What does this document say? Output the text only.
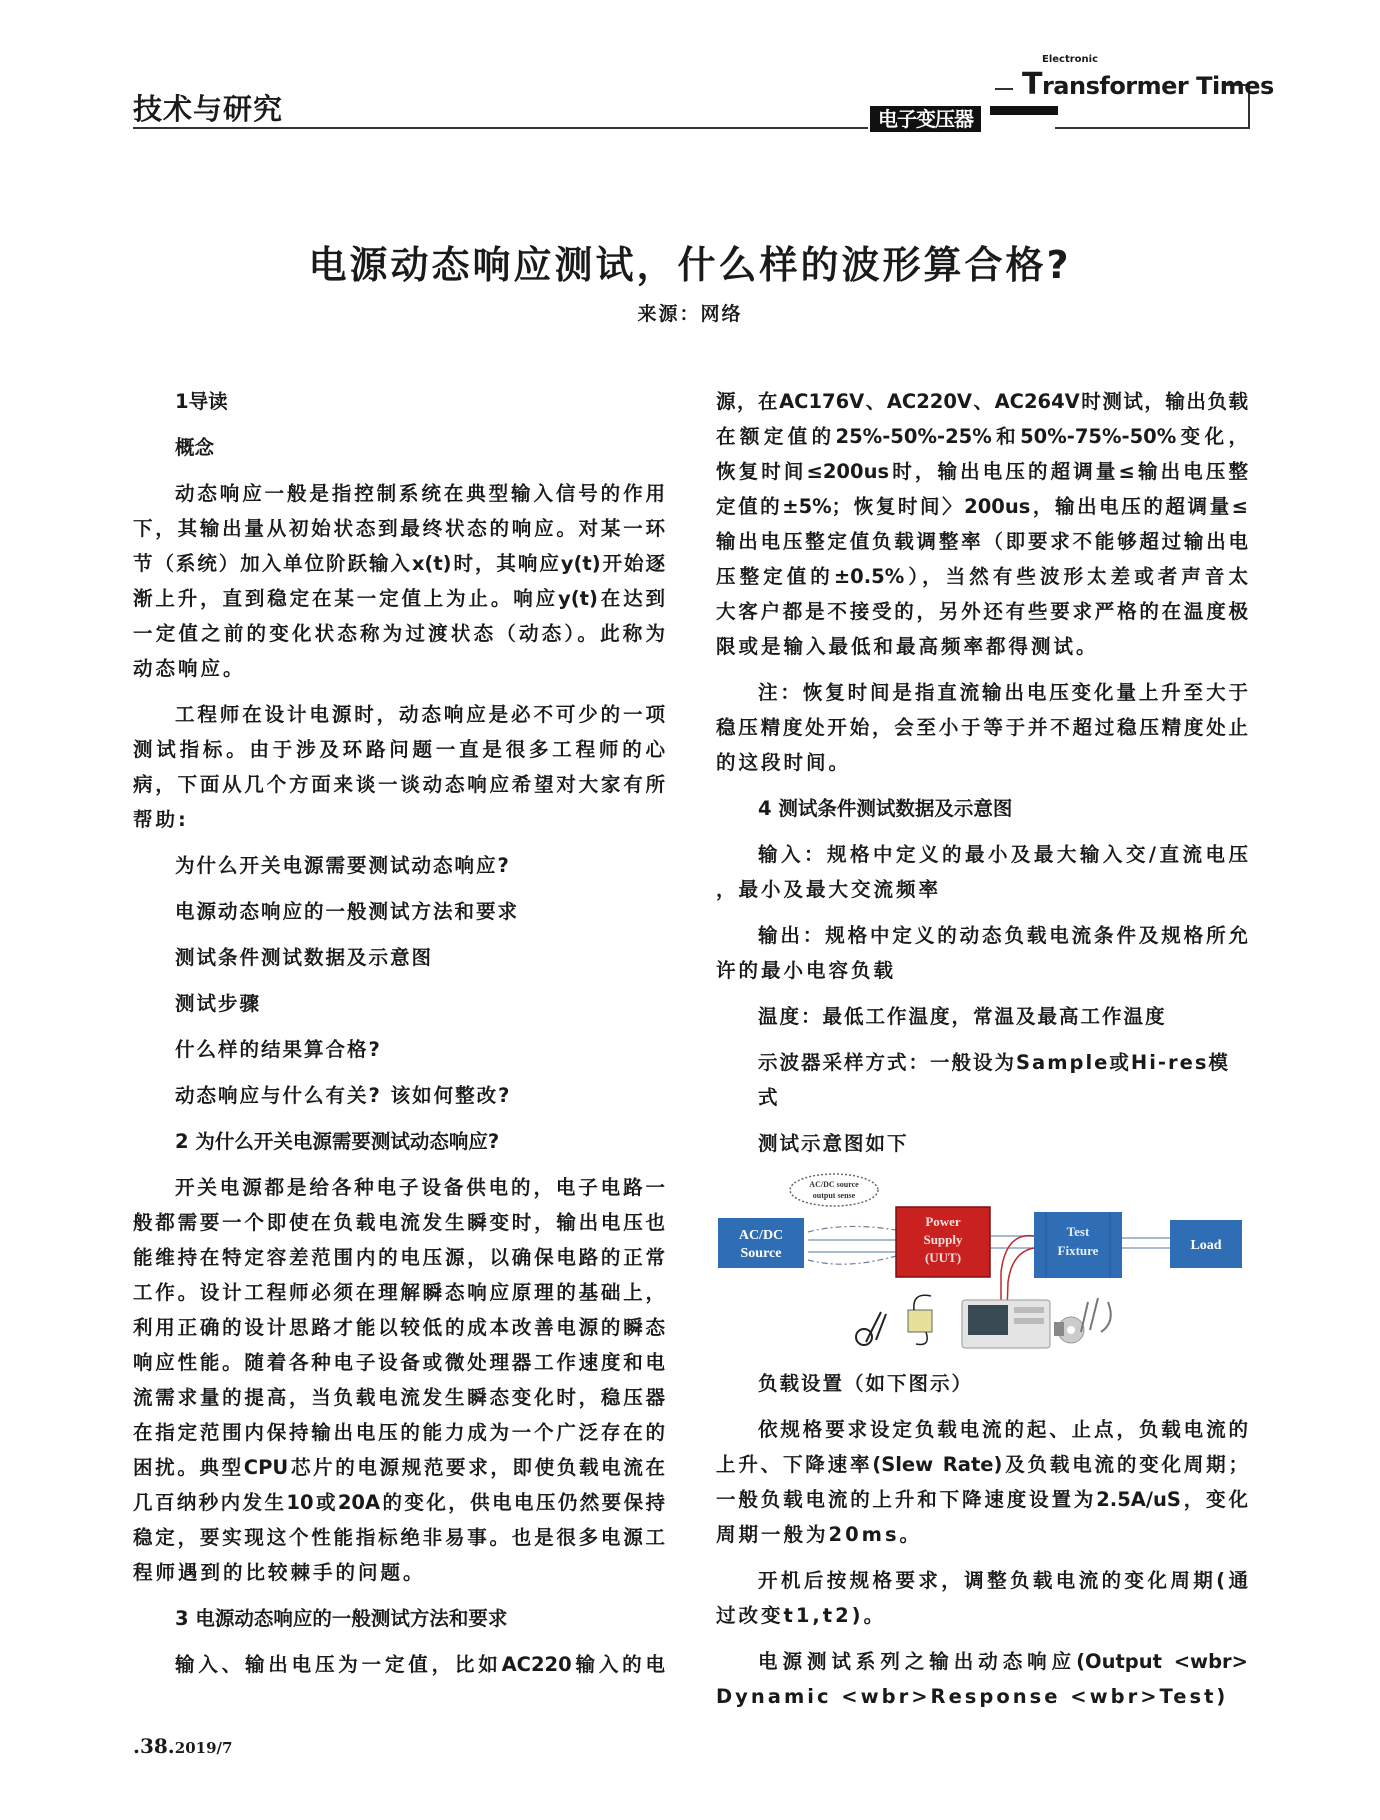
技术与研究	电子变压器
Electronic
Transformer Times
电源动态响应测试，什么样的波形算合格?
来源：网络
1导读
概念
动态响应一般是指控制系统在典型输入信号的作用
下，其输出量从初始状态到最终状态的响应。对某一环
节（系统）加入单位阶跃输入x(t)时，其响应y(t)开始逐
渐上升，直到稳定在某一定值上为止。响应y(t)在达到
一定值之前的变化状态称为过渡状态（动态）。此称为
动态响应。
工程师在设计电源时，动态响应是必不可少的一项
测试指标。由于涉及环路问题一直是很多工程师的心
病，下面从几个方面来谈一谈动态响应希望对大家有所
帮助:
为什么开关电源需要测试动态响应?
电源动态响应的一般测试方法和要求
测试条件测试数据及示意图
测试步骤
什么样的结果算合格?
动态响应与什么有关? 该如何整改?
2 为什么开关电源需要测试动态响应?
开关电源都是给各种电子设备供电的，电子电路一
般都需要一个即使在负载电流发生瞬变时，输出电压也
能维持在特定容差范围内的电压源，以确保电路的正常
工作。设计工程师必须在理解瞬态响应原理的基础上，
利用正确的设计思路才能以较低的成本改善电源的瞬态
响应性能。随着各种电子设备或微处理器工作速度和电
流需求量的提高，当负载电流发生瞬态变化时，稳压器
在指定范围内保持输出电压的能力成为一个广泛存在的
困扰。典型CPU芯片的电源规范要求，即使负载电流在
几百纳秒内发生10或20A的变化，供电电压仍然要保持
稳定，要实现这个性能指标绝非易事。也是很多电源工
程师遇到的比较棘手的问题。
3 电源动态响应的一般测试方法和要求
输入、输出电压为一定值，比如AC220输入的电
源，在AC176V、AC220V、AC264V时测试，输出负载
在额定值的25%-50%-25%和50%-75%-50%变化，
恢复时间≤200us时，输出电压的超调量≤输出电压整
定值的±5%；恢复时间〉200us，输出电压的超调量≤
输出电压整定值负载调整率（即要求不能够超过输出电
压整定值的±0.5%），当然有些波形太差或者声音太
大客户都是不接受的，另外还有些要求严格的在温度极
限或是输入最低和最高频率都得测试。
注：恢复时间是指直流输出电压变化量上升至大于
稳压精度处开始，会至小于等于并不超过稳压精度处止
的这段时间。
4 测试条件测试数据及示意图
输入：规格中定义的最小及最大输入交/直流电压
，最小及最大交流频率
输出：规格中定义的动态负载电流条件及规格所允
许的最小电容负载
温度：最低工作温度，常温及最高工作温度
示波器采样方式：一般设为Sample或Hi-res模式
测试示意图如下
AC/DC source
output sense
AC/DC
Source
Power
Supply
(UUT)
Test
Fixture	Load
负载设置（如下图示）
依规格要求设定负载电流的起、止点，负载电流的
上升、下降速率(Slew Rate)及负载电流的变化周期；
一般负载电流的上升和下降速度设置为2.5A/uS，变化
周期一般为20ms。
开机后按规格要求，调整负载电流的变化周期(通
过改变t1,t2)。
电源测试系列之输出动态响应(Output <wbr>
Dynamic <wbr>Response <wbr>Test)
.38.2019/7
